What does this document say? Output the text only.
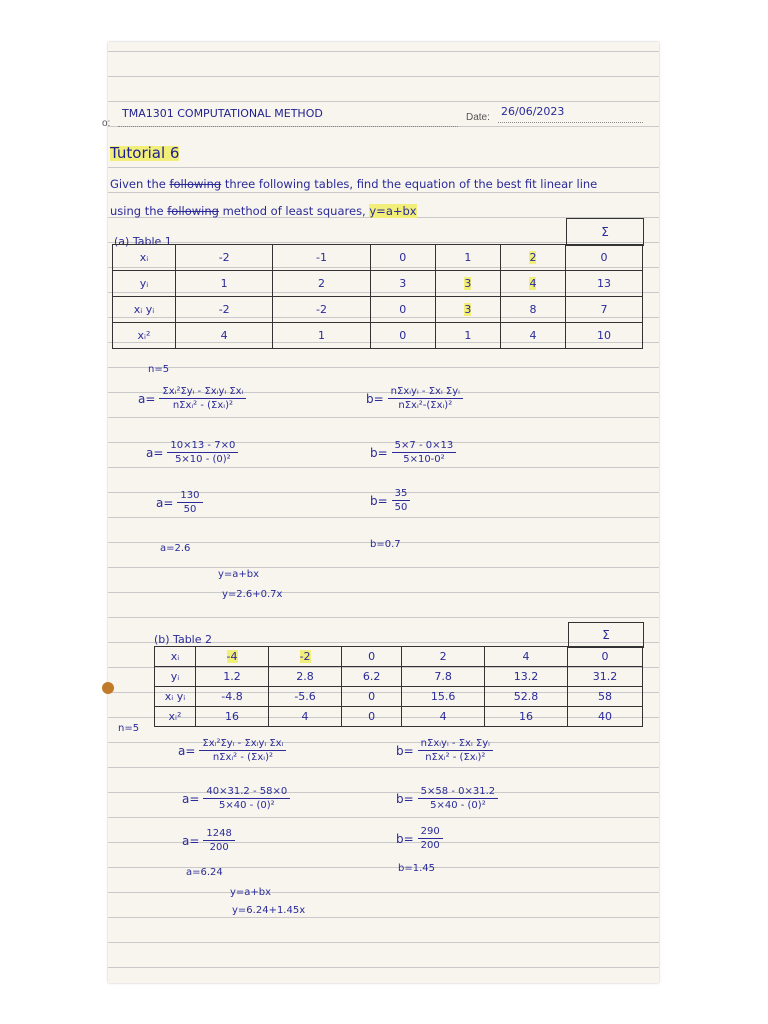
o:
TMA1301 COMPUTATIONAL METHOD	Date: 26/06/2023
Tutorial 6
Given the following three following tables, find the equation of the best fit linear line
using the following method of least squares, y=a+bx
(a) Table 1
Σ
xᵢ	-2	-1	0	1	2	0
yᵢ	1	2	3	3	4	13
xᵢ yᵢ	-2	-2	0	3	8	7
xᵢ²	4	1	0	1	4	10
n=5
$a= \frac{\text{Σxᵢ²Σyᵢ - Σxᵢyᵢ Σxᵢ}}{\text{nΣxᵢ² - (Σxᵢ)²}}$	$b= \frac{\text{nΣxᵢyᵢ - Σxᵢ Σyᵢ}}{\text{nΣxᵢ²-(Σxᵢ)²}}$
$a= \frac{10\times 13 - 7\times 0}{\text{5×10 - (0)²}}$	$b= \frac{5\times 7 - 0\times 13}{\text{5×10-0²}}$
$a= \frac{130}{50}$	$b= \frac{35}{50}$
a=2.6	b=0.7
y=a+bx
y=2.6+0.7x
(b) Table 2	Σ
xᵢ	-4	-2	0	2	4	0
yᵢ	1.2	2.8	6.2	7.8	13.2	31.2
xᵢ yᵢ	-4.8	-5.6	0	15.6	52.8	58
xᵢ²	16	4	0	4	16	40
n=5
$a= \frac{\text{Σxᵢ²Σyᵢ - Σxᵢyᵢ Σxᵢ}}{\text{nΣxᵢ² - (Σxᵢ)²}}$	$b= \frac{\text{nΣxᵢyᵢ - Σxᵢ Σyᵢ}}{\text{nΣxᵢ² - (Σxᵢ)²}}$
$a= \frac{40\times 31.2 - 58\times 0}{\text{5×40 - (0)²}}$	$b= \frac{5\times 58 - 0\times 31.2}{\text{5×40 - (0)²}}$
$a= \frac{1248}{200}$	$b= \frac{290}{200}$
a=6.24	b=1.45
y=a+bx
y=6.24+1.45x
